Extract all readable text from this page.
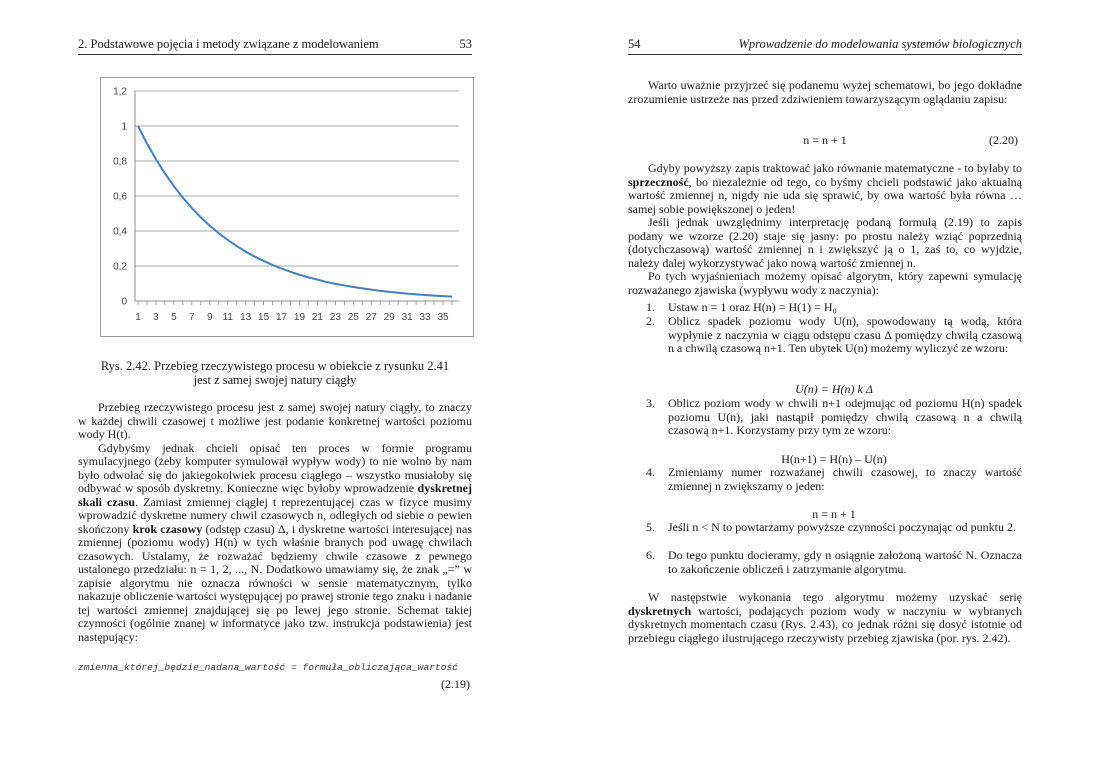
2. Podstawowe pojęcia i metody związane z modelowaniem	53
0
0,2
0,4
0,6
0,8
1
1,2
1 3 5 7 9 11 13 15 17 19 21 23 25 27 29 31 33 35
Rys. 2.42. Przebieg rzeczywistego procesu w obiekcie z rysunku 2.41
jest z samej swojej natury ciągły

Przebieg rzeczywistego procesu jest z samej swojej natury ciągły, to znaczy w każdej chwili czasowej t możliwe jest podanie konkretnej wartości poziomu wody H(t).

Gdybyśmy jednak chcieli opisać ten proces w formie programu symulacyjnego (żeby komputer symulował wypływ wody) to nie wolno by nam było odwołać się do jakiegokolwiek procesu ciągłego – wszystko musiałoby się odbywać w sposób dyskretny. Konieczne więc byłoby wprowadzenie dyskretnej skali czasu. Zamiast zmiennej ciągłej t reprezentującej czas w fizyce musimy wprowadzić dyskretne numery chwil czasowych n, odległych od siebie o pewien skończony krok czasowy (odstęp czasu) Δ, i dyskretne wartości interesującej nas zmiennej (poziomu wody) H(n) w tych właśnie branych pod uwagę chwilach czasowych. Ustalamy, że rozważać będziemy chwile czasowe z pewnego ustalonego przedziału: n = 1, 2, ..., N. Dodatkowo umawiamy się, że znak „=” w zapisie algorytmu nie oznacza równości w sensie matematycznym, tylko nakazuje obliczenie wartości występującej po prawej stronie tego znaku i nadanie tej wartości zmiennej znajdującej się po lewej jego stronie. Schemat takiej czynności (ogólnie znanej w informatyce jako tzw. instrukcja podstawienia) jest następujący:

zmienna_której_będzie_nadana_wartość = formuła_obliczająca_wartość
(2.19)
54	Wprowadzenie do modelowania systemów biologicznych

Warto uważnie przyjrzeć się podanemu wyżej schematowi, bo jego dokładne zrozumienie ustrzeże nas przed zdziwieniem towarzyszącym oglądaniu zapisu:

n = n + 1	(2.20)

Gdyby powyższy zapis traktować jako równanie matematyczne - to byłaby to sprzeczność, bo niezależnie od tego, co byśmy chcieli podstawić jako aktualną wartość zmiennej n, nigdy nie uda się sprawić, by owa wartość była równa … samej sobie powiększonej o jeden!

Jeśli jednak uwzględnimy interpretację podaną formułą (2.19) to zapis podany we wzorze (2.20) staje się jasny: po prostu należy wziąć poprzednią (dotychczasową) wartość zmiennej n i zwiększyć ją o 1, zaś to, co wyjdzie, należy dalej wykorzystywać jako nową wartość zmiennej n.

Po tych wyjaśnieniach możemy opisać algorytm, który zapewni symulację rozważanego zjawiska (wypływu wody z naczynia):

1. Ustaw n = 1 oraz H(n) = H(1) = H₀
2. Oblicz spadek poziomu wody U(n), spowodowany tą wodą, która wypłynie z naczynia w ciągu odstępu czasu Δ pomiędzy chwilą czasową n a chwilą czasową n+1. Ten ubytek U(n) możemy wyliczyć ze wzoru:
U(n) = H(n) k Δ
3. Oblicz poziom wody w chwili n+1 odejmując od poziomu H(n) spadek poziomu U(n), jaki nastąpił pomiędzy chwilą czasową n a chwilą czasową n+1. Korzystamy przy tym ze wzoru:
H(n+1) = H(n) – U(n)
4. Zmieniamy numer rozważanej chwili czasowej, to znaczy wartość zmiennej n zwiększamy o jeden:
n = n + 1
5. Jeśli n < N to powtarzamy powyższe czynności poczynając od punktu 2.
6. Do tego punktu docieramy, gdy n osiągnie założoną wartość N. Oznacza to zakończenie obliczeń i zatrzymanie algorytmu.

W następstwie wykonania tego algorytmu możemy uzyskać serię dyskretnych wartości, podających poziom wody w naczyniu w wybranych dyskretnych momentach czasu (Rys. 2.43), co jednak różni się dosyć istotnie od przebiegu ciągłego ilustrującego rzeczywisty przebieg zjawiska (por. rys. 2.42).
